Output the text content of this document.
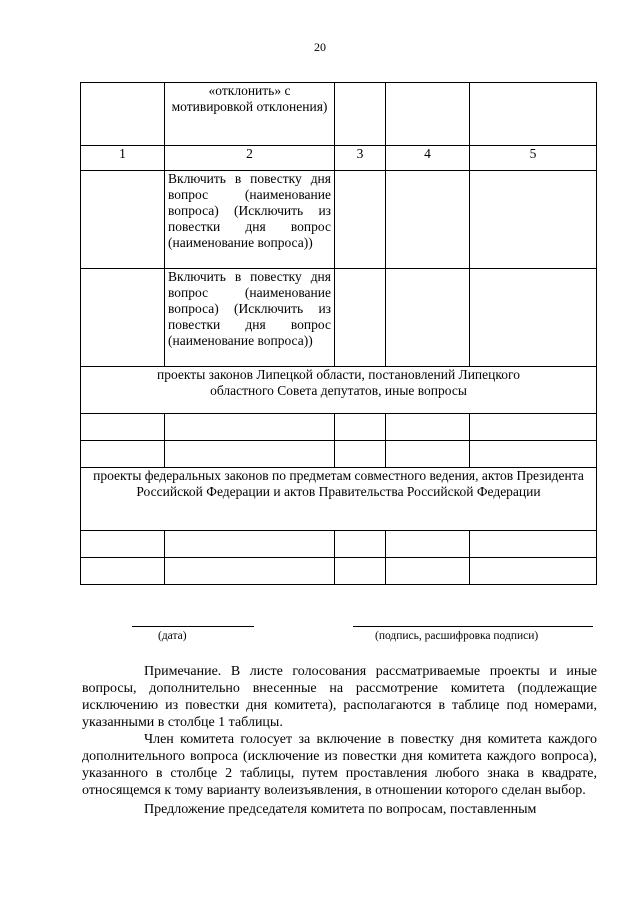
20
	«отклонить» с мотивировкой отклонения)			
1	2	3	4	5
	Включить в повестку дня вопрос (наименование вопроса) (Исключить из повестки дня вопрос (наименование вопроса))			
	Включить в повестку дня вопрос (наименование вопроса) (Исключить из повестки дня вопрос (наименование вопроса))			
проекты законов Липецкой области, постановлений Липецкого областного Совета депутатов, иные вопросы				

проекты федеральных законов по предметам совместного ведения, актов Президента Российской Федерации и актов Правительства Российской Федерации				

(дата)	(подпись, расшифровка подписи)

Примечание. В листе голосования рассматриваемые проекты и иные вопросы, дополнительно внесенные на рассмотрение комитета (подлежащие исключению из повестки дня комитета), располагаются в таблице под номерами, указанными в столбце 1 таблицы.

Член комитета голосует за включение в повестку дня комитета каждого дополнительного вопроса (исключение из повестки дня комитета каждого вопроса), указанного в столбце 2 таблицы, путем проставления любого знака в квадрате, относящемся к тому варианту волеизъявления, в отношении которого сделан выбор.

Предложение председателя комитета по вопросам, поставленным
